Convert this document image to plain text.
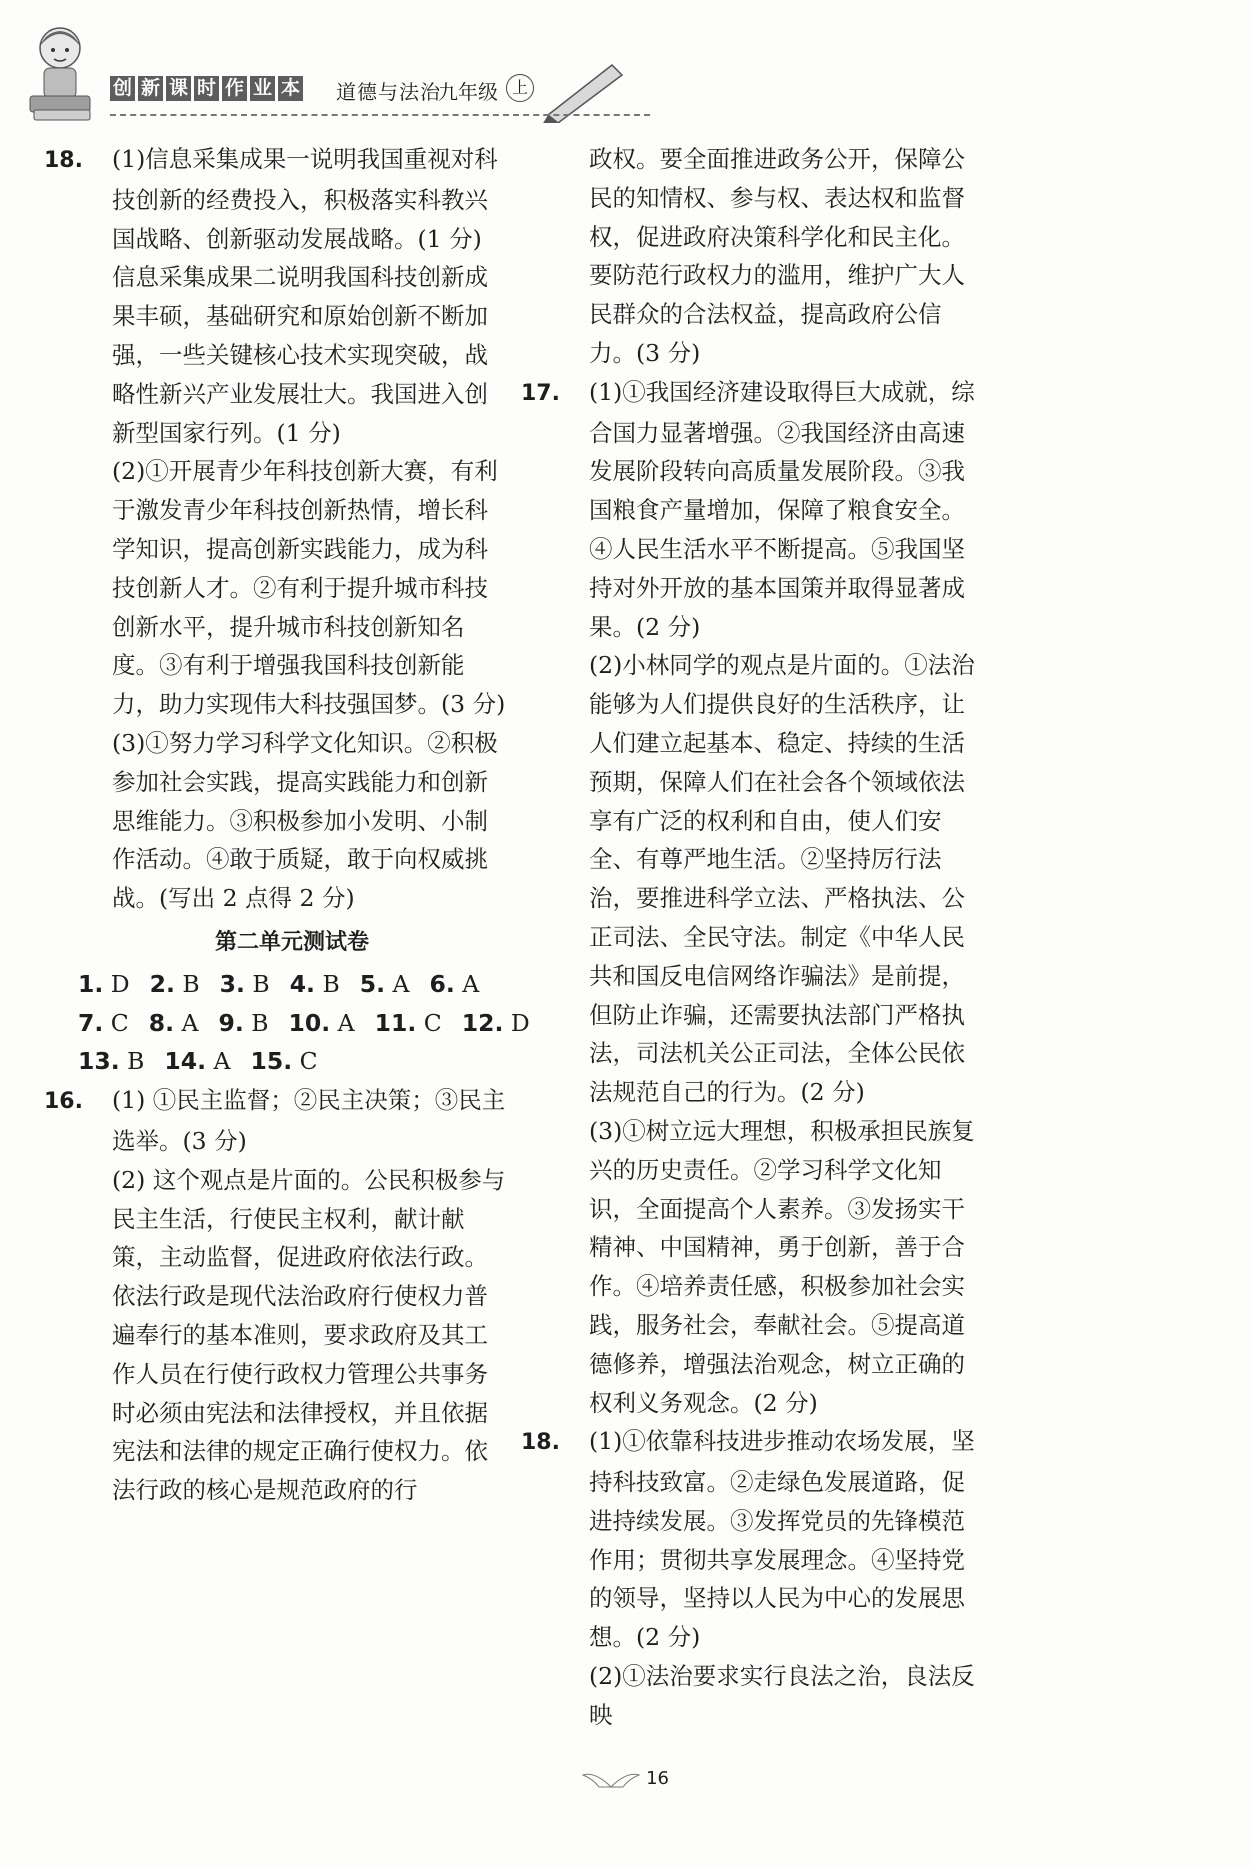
创 新 课 时 作 业 本 道德与法治
九年级 上

18. (1)信息采集成果一说明我国重视对科技创新的经费投入，积极落实科教兴国战略、创新驱动发展战略。(1 分)

信息采集成果二说明我国科技创新成果丰硕，基础研究和原始创新不断加强，一些关键核心技术实现突破，战略性新兴产业发展壮大。我国进入创新型国家行列。(1 分)

(2)①开展青少年科技创新大赛，有利于激发青少年科技创新热情，增长科学知识，提高创新实践能力，成为科技创新人才。②有利于提升城市科技创新水平，提升城市科技创新知名度。③有利于增强我国科技创新能力，助力实现伟大科技强国梦。(3 分)

(3)①努力学习科学文化知识。②积极参加社会实践，提高实践能力和创新思维能力。③积极参加小发明、小制作活动。④敢于质疑，敢于向权威挑战。(写出 2 点得 2 分)

第二单元测试卷
1. D 2. B 3. B 4. B 5. A 6. A
7. C 8. A 9. B 10. A 11. C 12. D
13. B 14. A 15. C

16. (1) ①民主监督；②民主决策；③民主选举。(3 分)

(2) 这个观点是片面的。公民积极参与民主生活，行使民主权利，献计献策，主动监督，促进政府依法行政。依法行政是现代法治政府行使权力普遍奉行的基本准则，要求政府及其工作人员在行使行政权力管理公共事务时必须由宪法和法律授权，并且依据宪法和法律的规定正确行使权力。依法行政的核心是规范政府的行

政权。要全面推进政务公开，保障公民的知情权、参与权、表达权和监督权，促进政府决策科学化和民主化。要防范行政权力的滥用，维护广大人民群众的合法权益，提高政府公信力。(3 分)

17. (1)①我国经济建设取得巨大成就，综合国力显著增强。②我国经济由高速发展阶段转向高质量发展阶段。③我国粮食产量增加，保障了粮食安全。④人民生活水平不断提高。⑤我国坚持对外开放的基本国策并取得显著成果。(2 分)

(2)小林同学的观点是片面的。①法治能够为人们提供良好的生活秩序，让人们建立起基本、稳定、持续的生活预期，保障人们在社会各个领域依法享有广泛的权利和自由，使人们安全、有尊严地生活。②坚持厉行法治，要推进科学立法、严格执法、公正司法、全民守法。制定《中华人民共和国反电信网络诈骗法》是前提，但防止诈骗，还需要执法部门严格执法，司法机关公正司法，全体公民依法规范自己的行为。(2 分)

(3)①树立远大理想，积极承担民族复兴的历史责任。②学习科学文化知识，全面提高个人素养。③发扬实干精神、中国精神，勇于创新，善于合作。④培养责任感，积极参加社会实践，服务社会，奉献社会。⑤提高道德修养，增强法治观念，树立正确的权利义务观念。(2 分)

18. (1)①依靠科技进步推动农场发展，坚持科技致富。②走绿色发展道路，促进持续发展。③发挥党员的先锋模范作用；贯彻共享发展理念。④坚持党的领导，坚持以人民为中心的发展思想。(2 分)

(2)①法治要求实行良法之治，良法反映

16
